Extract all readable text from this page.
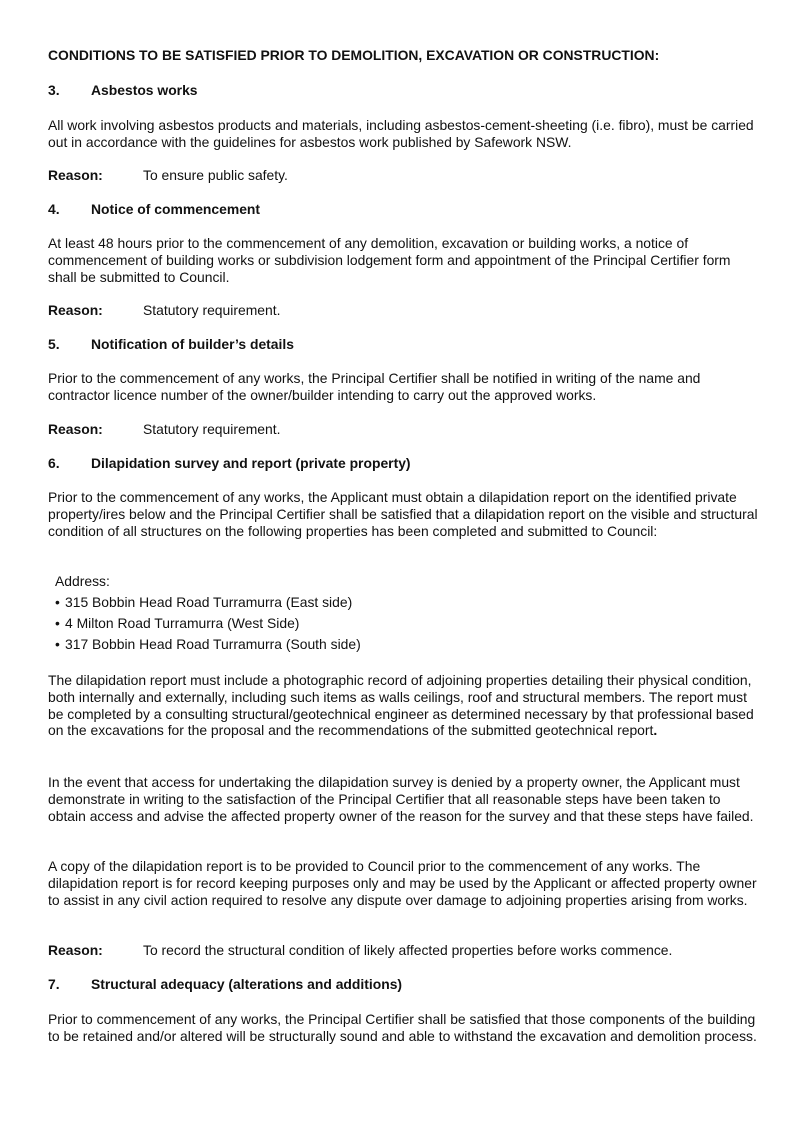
CONDITIONS TO BE SATISFIED PRIOR TO DEMOLITION, EXCAVATION OR CONSTRUCTION:

3. Asbestos works

All work involving asbestos products and materials, including asbestos-cement-sheeting (i.e. fibro), must be carried out in accordance with the guidelines for asbestos work published by Safework NSW.

Reason:	To ensure public safety.

4. Notice of commencement

At least 48 hours prior to the commencement of any demolition, excavation or building works, a notice of commencement of building works or subdivision lodgement form and appointment of the Principal Certifier form shall be submitted to Council.

Reason:	Statutory requirement.

5. Notification of builder’s details

Prior to the commencement of any works, the Principal Certifier shall be notified in writing of the name and contractor licence number of the owner/builder intending to carry out the approved works.

Reason:	Statutory requirement.

6. Dilapidation survey and report (private property)

Prior to the commencement of any works, the Applicant must obtain a dilapidation report on the identified private property/ires below and the Principal Certifier shall be satisfied that a dilapidation report on the visible and structural condition of all structures on the following properties has been completed and submitted to Council:

Address:

• 315 Bobbin Head Road Turramurra (East side)

• 4 Milton Road Turramurra (West Side)

• 317 Bobbin Head Road Turramurra (South side)

The dilapidation report must include a photographic record of adjoining properties detailing their physical condition, both internally and externally, including such items as walls ceilings, roof and structural members. The report must be completed by a consulting structural/geotechnical engineer as determined necessary by that professional based on the excavations for the proposal and the recommendations of the submitted geotechnical report.

In the event that access for undertaking the dilapidation survey is denied by a property owner, the Applicant must demonstrate in writing to the satisfaction of the Principal Certifier that all reasonable steps have been taken to obtain access and advise the affected property owner of the reason for the survey and that these steps have failed.

A copy of the dilapidation report is to be provided to Council prior to the commencement of any works. The dilapidation report is for record keeping purposes only and may be used by the Applicant or affected property owner to assist in any civil action required to resolve any dispute over damage to adjoining properties arising from works.

Reason:	To record the structural condition of likely affected properties before works commence.

7. Structural adequacy (alterations and additions)

Prior to commencement of any works, the Principal Certifier shall be satisfied that those components of the building to be retained and/or altered will be structurally sound and able to withstand the excavation and demolition process.
